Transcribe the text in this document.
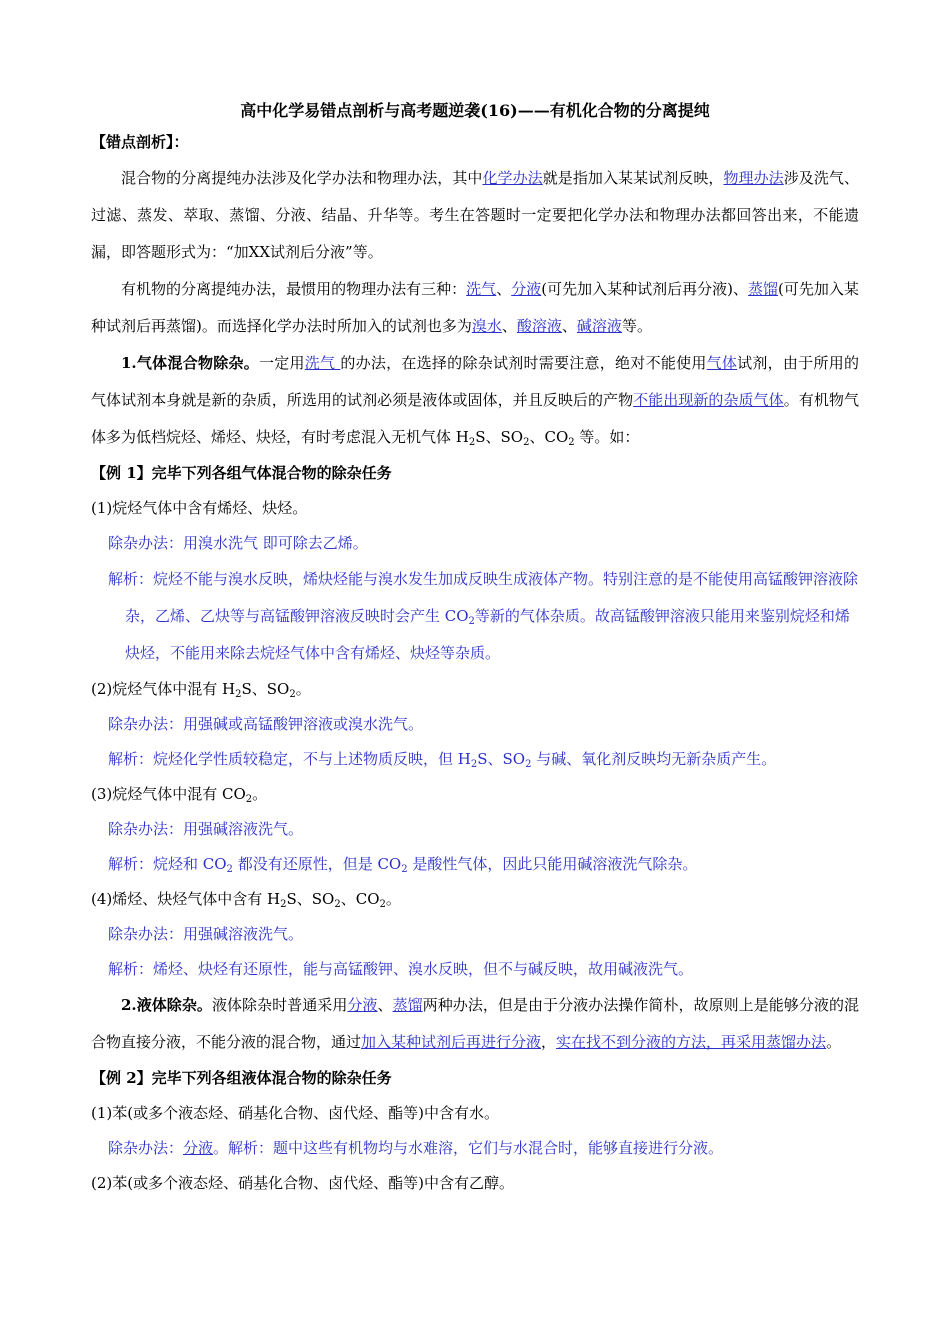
高中化学易错点剖析与高考题逆袭(16)——有机化合物的分离提纯

【错点剖析】：

混合物的分离提纯办法涉及化学办法和物理办法，其中化学办法就是指加入某某试剂反映，物理办法涉及洗气、过滤、蒸发、萃取、蒸馏、分液、结晶、升华等。考生在答题时一定要把化学办法和物理办法都回答出来，不能遗漏，即答题形式为：“加XX试剂后分液”等。

有机物的分离提纯办法，最惯用的物理办法有三种：洗气、分液(可先加入某种试剂后再分液)、蒸馏(可先加入某种试剂后再蒸馏)。而选择化学办法时所加入的试剂也多为溴水、酸溶液、碱溶液等。

1.气体混合物除杂。一定用洗气 的办法，在选择的除杂试剂时需要注意，绝对不能使用气体试剂，由于所用的气体试剂本身就是新的杂质，所选用的试剂必须是液体或固体，并且反映后的产物不能出现新的杂质气体。有机物气体多为低档烷烃、烯烃、炔烃，有时考虑混入无机气体 $H_2S$、$SO_2$、$CO_2$ 等。如：

【例 1】完毕下列各组气体混合物的除杂任务

(1)烷烃气体中含有烯烃、炔烃。

除杂办法：用溴水洗气 即可除去乙烯。

解析：烷烃不能与溴水反映，烯炔烃能与溴水发生加成反映生成液体产物。特别注意的是不能使用高锰酸钾溶液除杂，乙烯、乙炔等与高锰酸钾溶液反映时会产生 $CO_2$等新的气体杂质。故高锰酸钾溶液只能用来鉴别烷烃和烯炔烃，不能用来除去烷烃气体中含有烯烃、炔烃等杂质。

(2)烷烃气体中混有 $H_2S$、$SO_2$。

除杂办法：用强碱或高锰酸钾溶液或溴水洗气。

解析：烷烃化学性质较稳定，不与上述物质反映，但 $H_2S$、$SO_2$ 与碱、氧化剂反映均无新杂质产生。

(3)烷烃气体中混有 $CO_2$。

除杂办法：用强碱溶液洗气。

解析：烷烃和 $CO_2$ 都没有还原性，但是 $CO_2$ 是酸性气体，因此只能用碱溶液洗气除杂。

(4)烯烃、炔烃气体中含有 $H_2S$、$SO_2$、$CO_2$。

除杂办法：用强碱溶液洗气。

解析：烯烃、炔烃有还原性，能与高锰酸钾、溴水反映，但不与碱反映，故用碱液洗气。

2.液体除杂。液体除杂时普通采用分液、蒸馏两种办法，但是由于分液办法操作简朴，故原则上是能够分液的混合物直接分液，不能分液的混合物，通过加入某种试剂后再进行分液，实在找不到分液的方法，再采用蒸馏办法。

【例 2】完毕下列各组液体混合物的除杂任务

(1)苯(或多个液态烃、硝基化合物、卤代烃、酯等)中含有水。

除杂办法：分液。解析：题中这些有机物均与水难溶，它们与水混合时，能够直接进行分液。

(2)苯(或多个液态烃、硝基化合物、卤代烃、酯等)中含有乙醇。
